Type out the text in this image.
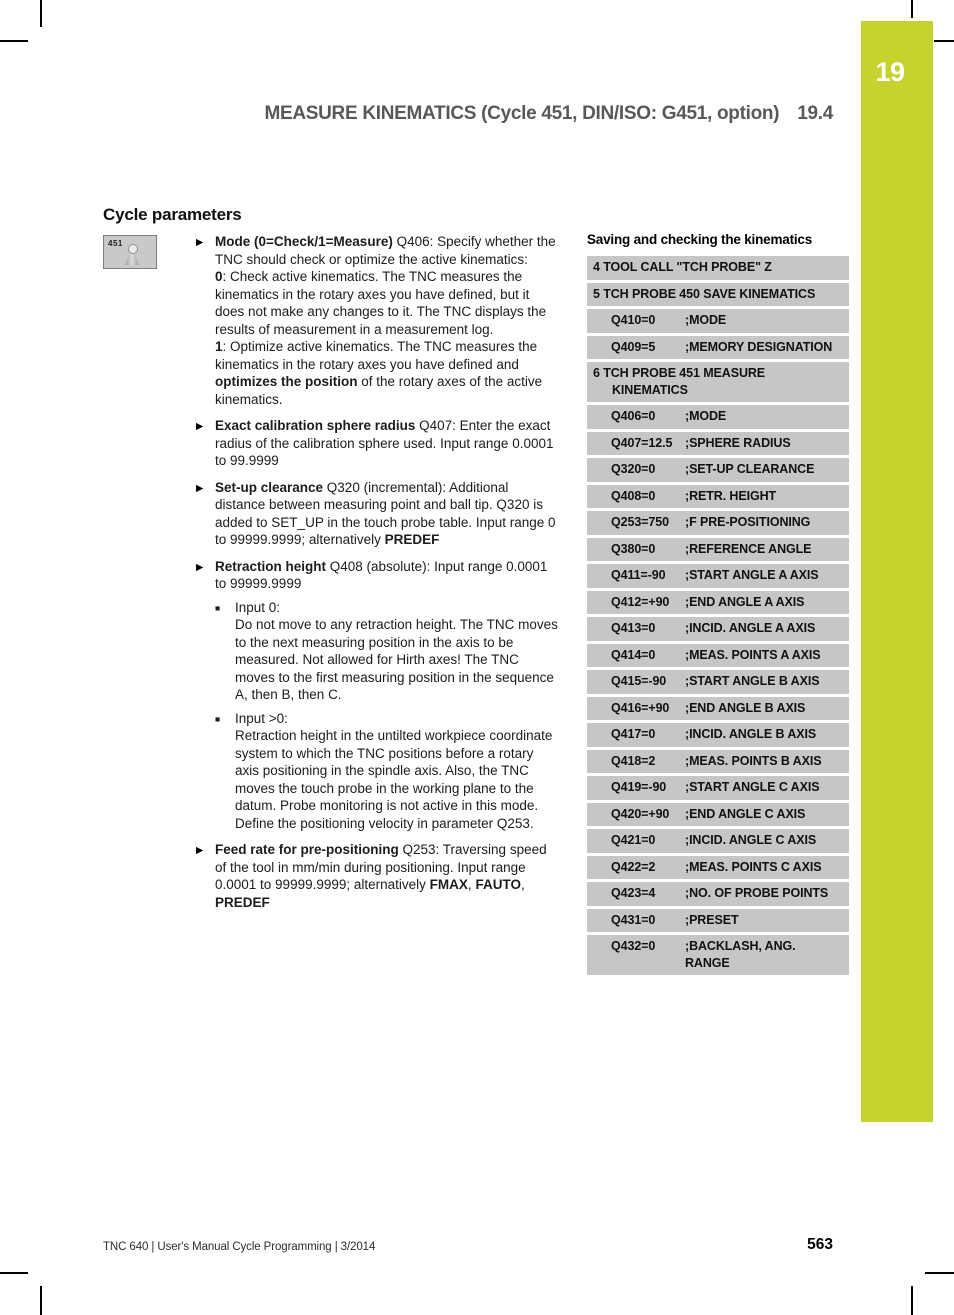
19
MEASURE KINEMATICS (Cycle 451, DIN/ISO: G451, option) 19.4
Cycle parameters
451	▶ Mode (0=Check/1=Measure) Q406: Specify whether the TNC should check or optimize the active kinematics:
0: Check active kinematics. The TNC measures the kinematics in the rotary axes you have defined, but it does not make any changes to it. The TNC displays the results of measurement in a measurement log.
1: Optimize active kinematics. The TNC measures the kinematics in the rotary axes you have defined and optimizes the position of the rotary axes of the active kinematics.
▶ Exact calibration sphere radius Q407: Enter the exact radius of the calibration sphere used. Input range 0.0001 to 99.9999
▶ Set-up clearance Q320 (incremental): Additional distance between measuring point and ball tip. Q320 is added to SET_UP in the touch probe table. Input range 0 to 99999.9999; alternatively PREDEF
▶ Retraction height Q408 (absolute): Input range 0.0001 to 99999.9999
■	Input 0:
Do not move to any retraction height. The TNC moves to the next measuring position in the axis to be measured. Not allowed for Hirth axes! The TNC moves to the first measuring position in the sequence A, then B, then C.
■	Input >0:
Retraction height in the untilted workpiece coordinate system to which the TNC positions before a rotary axis positioning in the spindle axis. Also, the TNC moves the touch probe in the working plane to the datum. Probe monitoring is not active in this mode. Define the positioning velocity in parameter Q253.
▶ Feed rate for pre-positioning Q253: Traversing speed of the tool in mm/min during positioning. Input range 0.0001 to 99999.9999; alternatively FMAX, FAUTO, PREDEF
Saving and checking the kinematics
4 TOOL CALL "TCH PROBE" Z
5 TCH PROBE 450 SAVE KINEMATICS
Q410=0	;MODE
Q409=5	;MEMORY DESIGNATION
6 TCH PROBE 451 MEASURE
KINEMATICS
Q406=0	;MODE
Q407=12.5	;SPHERE RADIUS
Q320=0	;SET-UP CLEARANCE
Q408=0	;RETR. HEIGHT
Q253=750	;F PRE-POSITIONING
Q380=0	;REFERENCE ANGLE
Q411=-90	;START ANGLE A AXIS
Q412=+90	;END ANGLE A AXIS
Q413=0	;INCID. ANGLE A AXIS
Q414=0	;MEAS. POINTS A AXIS
Q415=-90	;START ANGLE B AXIS
Q416=+90	;END ANGLE B AXIS
Q417=0	;INCID. ANGLE B AXIS
Q418=2	;MEAS. POINTS B AXIS
Q419=-90	;START ANGLE C AXIS
Q420=+90	;END ANGLE C AXIS
Q421=0	;INCID. ANGLE C AXIS
Q422=2	;MEAS. POINTS C AXIS
Q423=4	;NO. OF PROBE POINTS
Q431=0	;PRESET
Q432=0	;BACKLASH, ANG.
RANGE
TNC 640 | User's Manual Cycle Programming | 3/2014	563
